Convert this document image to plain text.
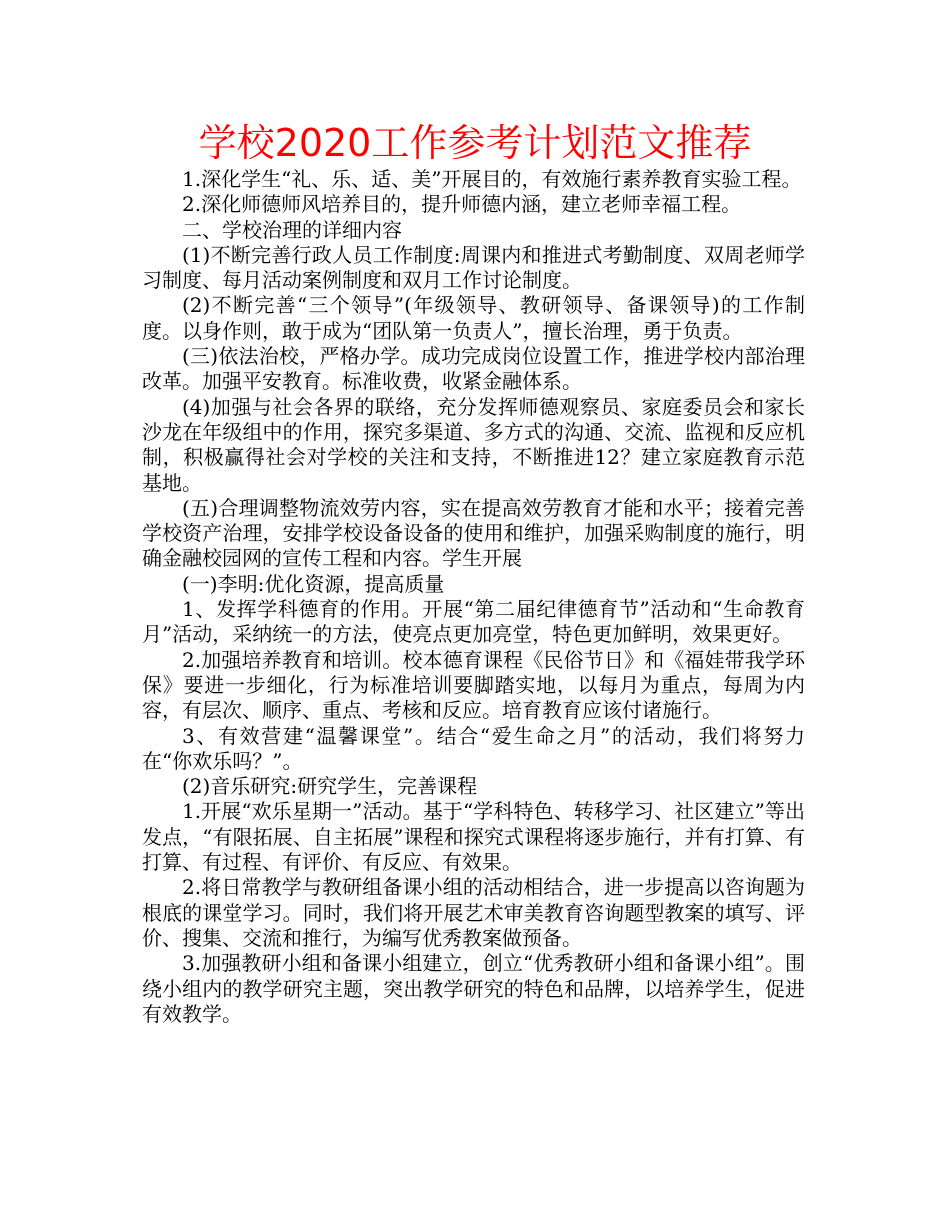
学校2020工作参考计划范文推荐

1.深化学生“礼、乐、适、美”开展目的，有效施行素养教育实验工程。

2.深化师德师风培养目的，提升师德内涵，建立老师幸福工程。

二、学校治理的详细内容

(1)不断完善行政人员工作制度:周课内和推进式考勤制度、双周老师学习制度、每月活动案例制度和双月工作讨论制度。

(2)不断完善“三个领导”(年级领导、教研领导、备课领导)的工作制度。以身作则，敢于成为“团队第一负责人”，擅长治理，勇于负责。

(三)依法治校，严格办学。成功完成岗位设置工作，推进学校内部治理改革。加强平安教育。标准收费，收紧金融体系。

(4)加强与社会各界的联络，充分发挥师德观察员、家庭委员会和家长沙龙在年级组中的作用，探究多渠道、多方式的沟通、交流、监视和反应机制，积极赢得社会对学校的关注和支持，不断推进12？建立家庭教育示范基地。

(五)合理调整物流效劳内容，实在提高效劳教育才能和水平；接着完善学校资产治理，安排学校设备设备的使用和维护，加强采购制度的施行，明确金融校园网的宣传工程和内容。学生开展

(一)李明:优化资源，提高质量

1、发挥学科德育的作用。开展“第二届纪律德育节”活动和“生命教育月”活动，采纳统一的方法，使亮点更加亮堂，特色更加鲜明，效果更好。

2.加强培养教育和培训。校本德育课程《民俗节日》和《福娃带我学环保》要进一步细化，行为标准培训要脚踏实地，以每月为重点，每周为内容，有层次、顺序、重点、考核和反应。培育教育应该付诸施行。

3、有效营建“温馨课堂”。结合“爱生命之月”的活动，我们将努力在“你欢乐吗？”。

(2)音乐研究:研究学生，完善课程

1.开展“欢乐星期一”活动。基于“学科特色、转移学习、社区建立”等出发点，“有限拓展、自主拓展”课程和探究式课程将逐步施行，并有打算、有打算、有过程、有评价、有反应、有效果。

2.将日常教学与教研组备课小组的活动相结合，进一步提高以咨询题为根底的课堂学习。同时，我们将开展艺术审美教育咨询题型教案的填写、评价、搜集、交流和推行，为编写优秀教案做预备。

3.加强教研小组和备课小组建立，创立“优秀教研小组和备课小组”。围绕小组内的教学研究主题，突出教学研究的特色和品牌，以培养学生，促进有效教学。
